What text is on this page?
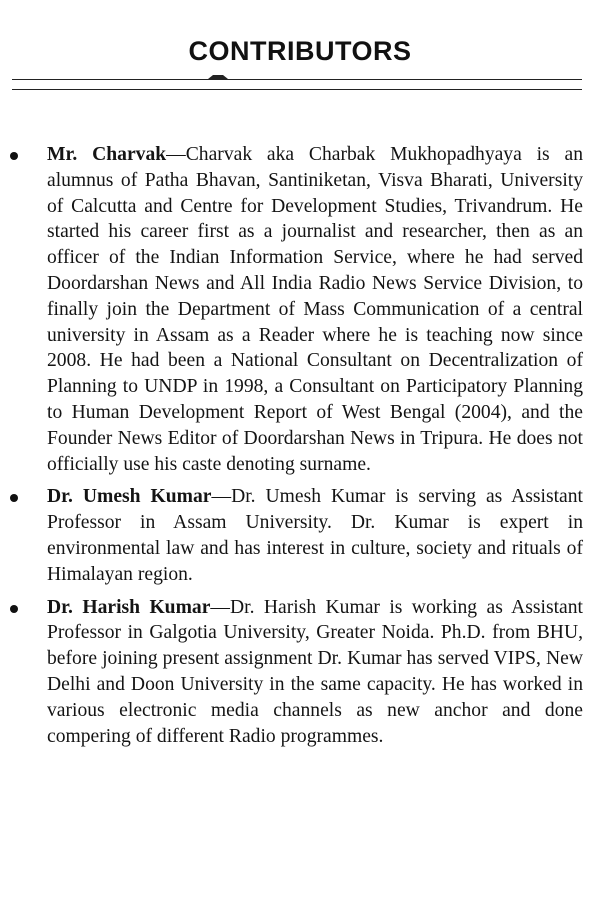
CONTRIBUTORS

Mr. Charvak—Charvak aka Charbak Mukhopadhyaya is an alumnus of Patha Bhavan, Santiniketan, Visva Bharati, University of Calcutta and Centre for Development Studies, Trivandrum. He started his career first as a journalist and researcher, then as an officer of the Indian Information Service, where he had served Doordarshan News and All India Radio News Service Division, to finally join the Department of Mass Communication of a central university in Assam as a Reader where he is teaching now since 2008. He had been a National Consultant on Decentralization of Planning to UNDP in 1998, a Consultant on Participatory Planning to Human Development Report of West Bengal (2004), and the Founder News Editor of Doordarshan News in Tripura. He does not officially use his caste denoting surname.

Dr. Umesh Kumar—Dr. Umesh Kumar is serving as Assistant Professor in Assam University. Dr. Kumar is expert in environmental law and has interest in culture, society and rituals of Himalayan region.

Dr. Harish Kumar—Dr. Harish Kumar is working as Assistant Professor in Galgotia University, Greater Noida. Ph.D. from BHU, before joining present assignment Dr. Kumar has served VIPS, New Delhi and Doon University in the same capacity. He has worked in various electronic media channels as new anchor and done compering of different Radio programmes.
